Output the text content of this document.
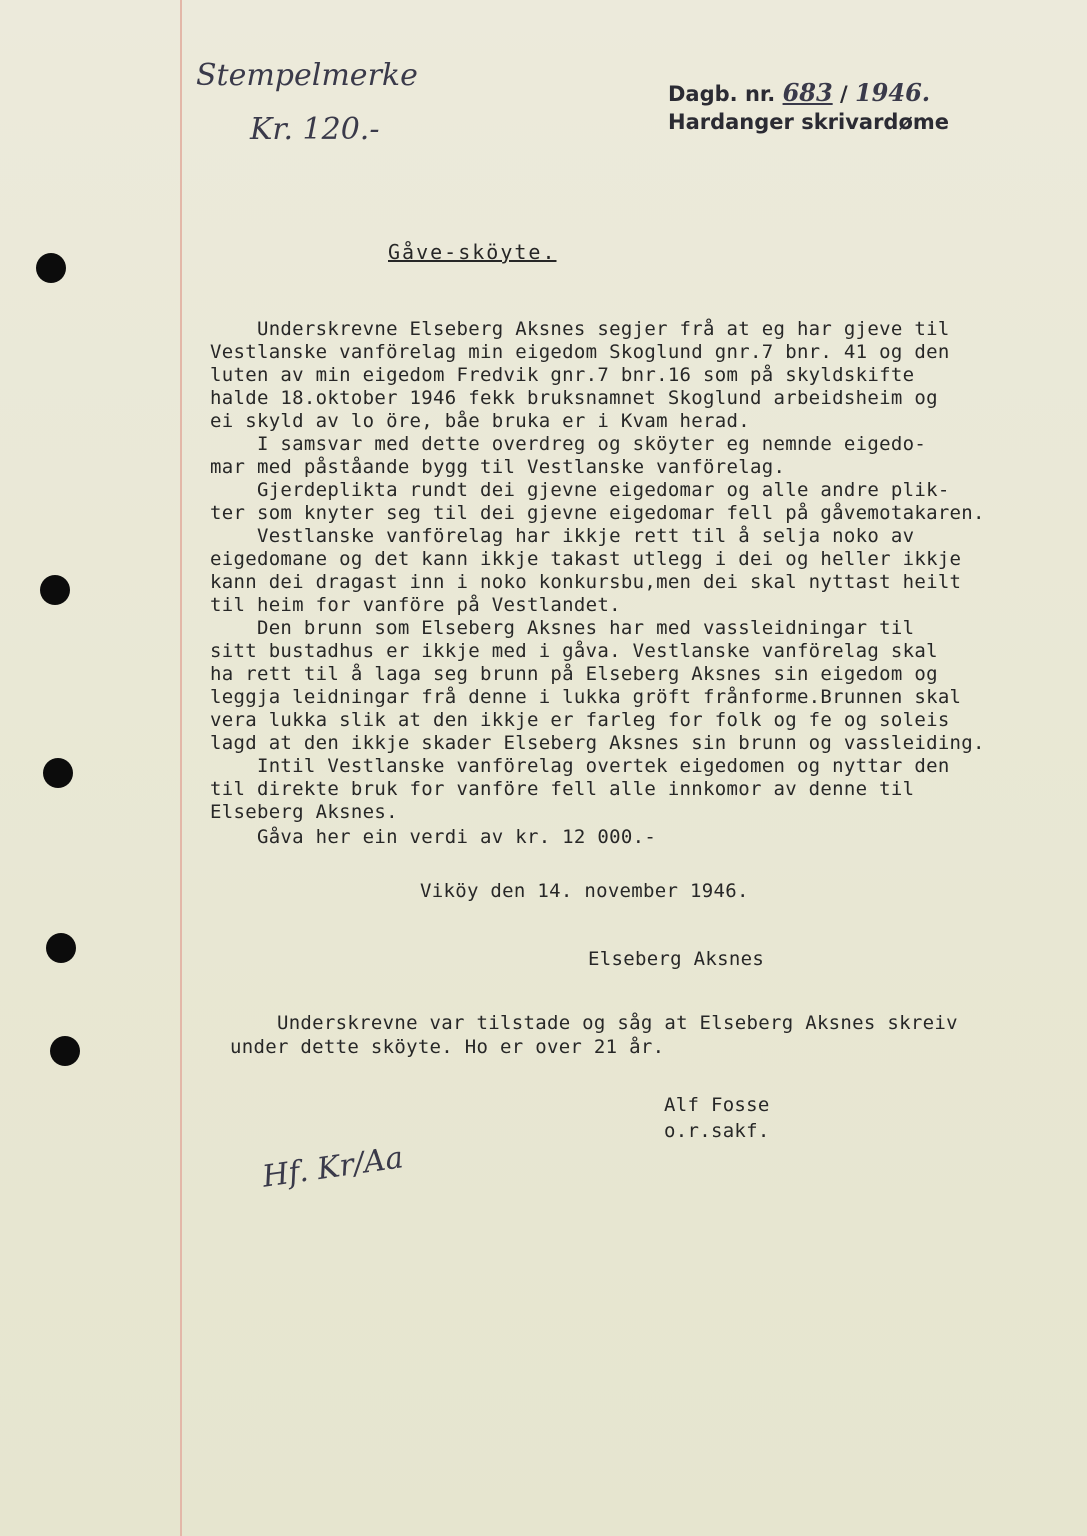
Stempelmerke
Kr. 120.-
Dagb. nr. 683 / 1946.
Hardanger skrivardøme
Gåve-sköyte.
Underskrevne Elseberg Aksnes segjer frå at eg har gjeve til
Vestlanske vanförelag min eigedom Skoglund gnr.7 bnr. 41 og den
luten av min eigedom Fredvik gnr.7 bnr.16 som på skyldskifte
halde 18.oktober 1946 fekk bruksnamnet Skoglund arbeidsheim og
ei skyld av lo öre, båe bruka er i Kvam herad.
I samsvar med dette overdreg og sköyter eg nemnde eigedo-
mar med påståande bygg til Vestlanske vanförelag.
Gjerdeplikta rundt dei gjevne eigedomar og alle andre plik-
ter som knyter seg til dei gjevne eigedomar fell på gåvemotakaren.
Vestlanske vanförelag har ikkje rett til å selja noko av
eigedomane og det kann ikkje takast utlegg i dei og heller ikkje
kann dei dragast inn i noko konkursbu,men dei skal nyttast heilt
til heim for vanföre på Vestlandet.
Den brunn som Elseberg Aksnes har med vassleidningar til
sitt bustadhus er ikkje med i gåva. Vestlanske vanförelag skal
ha rett til å laga seg brunn på Elseberg Aksnes sin eigedom og
leggja leidningar frå denne i lukka gröft frånforme.Brunnen skal
vera lukka slik at den ikkje er farleg for folk og fe og soleis
lagd at den ikkje skader Elseberg Aksnes sin brunn og vassleiding.
Intil Vestlanske vanförelag overtek eigedomen og nyttar den
til direkte bruk for vanföre fell alle innkomor av denne til
Elseberg Aksnes.
Gåva her ein verdi av kr. 12 000.-
Viköy den 14. november 1946.
Elseberg Aksnes
Underskrevne var tilstade og såg at Elseberg Aksnes skreiv
under dette sköyte. Ho er over 21 år.
Alf Fosse
o.r.sakf.
Hf. Kr/Aa
